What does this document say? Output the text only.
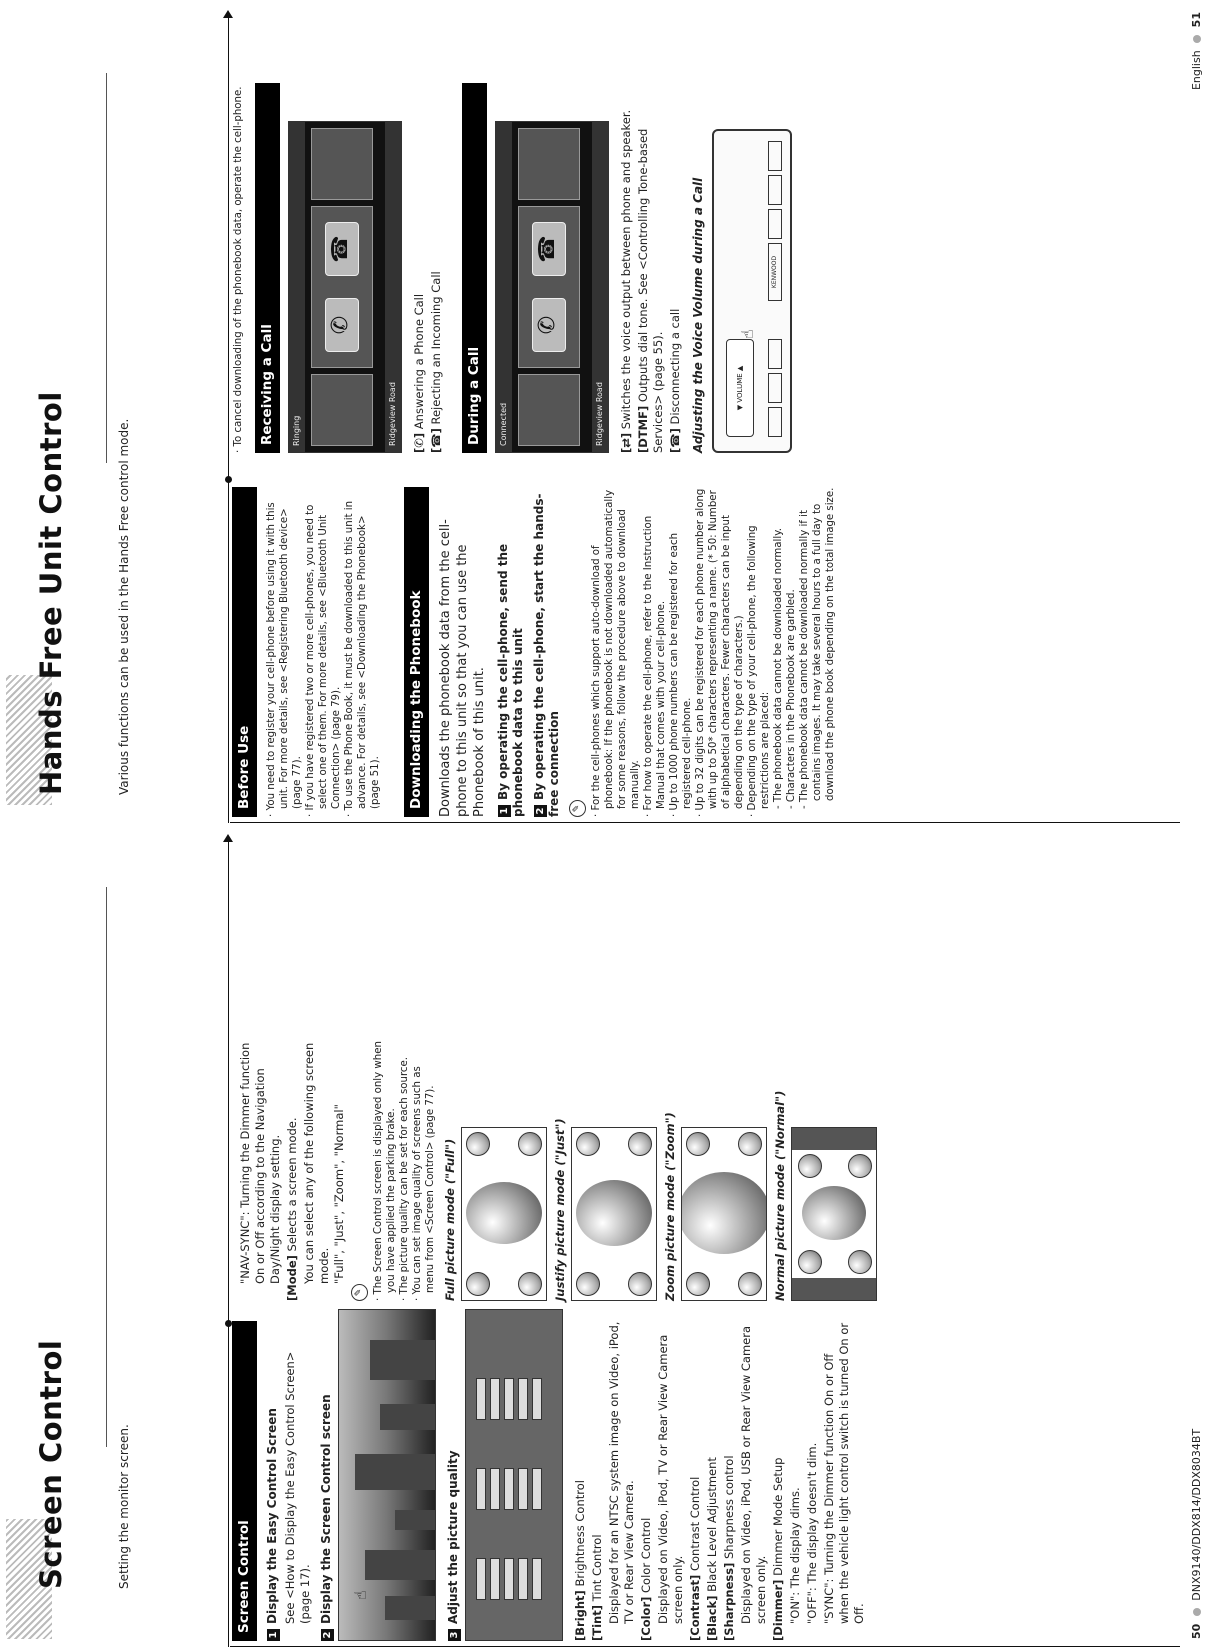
Screen Control	Setting the monitor screen.	Screen Control
1Display the Easy Control Screen See <How to Display the Easy Control Screen> (page 17).
2Display the Screen Control screen ☝
3Adjust the picture quality	[Bright] Brightness Control
[Tint] Tint Control Displayed for an NTSC system image on Video, iPod, TV or Rear View Camera. [Color] Color Control Displayed on Video, iPod, TV or Rear View Camera screen only. [Contrast] Contrast Control
[Black] Black Level Adjustment
[Sharpness] Sharpness control Displayed on Video, iPod, USB or Rear View Camera screen only. [Dimmer] Dimmer Mode Setup "ON": The display dims. "OFF": The display doesn't dim. "SYNC": Turning the Dimmer function On or Off when the vehicle light control switch is turned On or Off.
"NAV-SYNC": Turning the Dimmer function On or Off according to the Navigation Day/Night display setting. [Mode] Selects a screen mode. You can select any of the following screen mode. "Full", "Just", "Zoom", "Normal"
✎
· The Screen Control screen is displayed only when you have applied the parking brake.
· The picture quality can be set for each source.
· You can set image quality of screens such as menu from <Screen Control> (page 77). Full picture mode ("Full")	Justify picture mode ("Just")	Zoom picture mode ("Zoom")	Normal picture mode ("Normal")
50  DNX9140/DDX814/DDX8034BT
Hands Free Unit Control	Various functions can be used in the Hands Free control mode.	Before Use
· You need to register your cell-phone before using it with this unit. For more details, see <Registering Bluetooth device> (page 77).
· If you have registered two or more cell-phones, you need to select one of them. For more details, see <Bluetooth Unit Connection> (page 79).
· To use the Phone Book, it must be downloaded to this unit in advance. For details, see <Downloading the Phonebook> (page 51). Downloading the Phonebook	Downloads the phonebook data from the cell-phone to this unit so that you can use the Phonebook of this unit.	1By operating the cell-phone, send the phonebook data to this unit	2By operating the cell-phone, start the hands-free connection ✎
· For the cell-phones which support auto-download of phonebook: If the phonebook is not downloaded automatically for some reasons, follow the procedure above to download manually.
· For how to operate the cell-phone, refer to the Instruction Manual that comes with your cell-phone.
· Up to 1000 phone numbers can be registered for each registered cell-phone.
· Up to 32 digits can be registered for each phone number along with up to 50* characters representing a name. (* 50: Number of alphabetical characters. Fewer characters can be input depending on the type of characters.)
· Depending on the type of your cell-phone, the following restrictions are placed: - The phonebook data cannot be downloaded normally. - Characters in the Phonebook are garbled. - The phonebook data cannot be downloaded normally if it contains images. It may take several hours to a full day to download the phone book depending on the total image size.
· To cancel downloading of the phonebook data, operate the cell-phone. Receiving a Call	Ringing
✆
☎
Ridgeview Road	[✆] Answering a Phone Call
[☎] Rejecting an Incoming Call During a Call	Connected
✆
☎
Ridgeview Road	[⇄] Switches the voice output between phone and speaker.
[DTMF] Outputs dial tone. See <Controlling Tone-based Services> (page 55). [☎] Disconnecting a call Adjusting the Voice Volume during a Call	▼ VOLUME ▲
☝
KENWOOD
English  51
